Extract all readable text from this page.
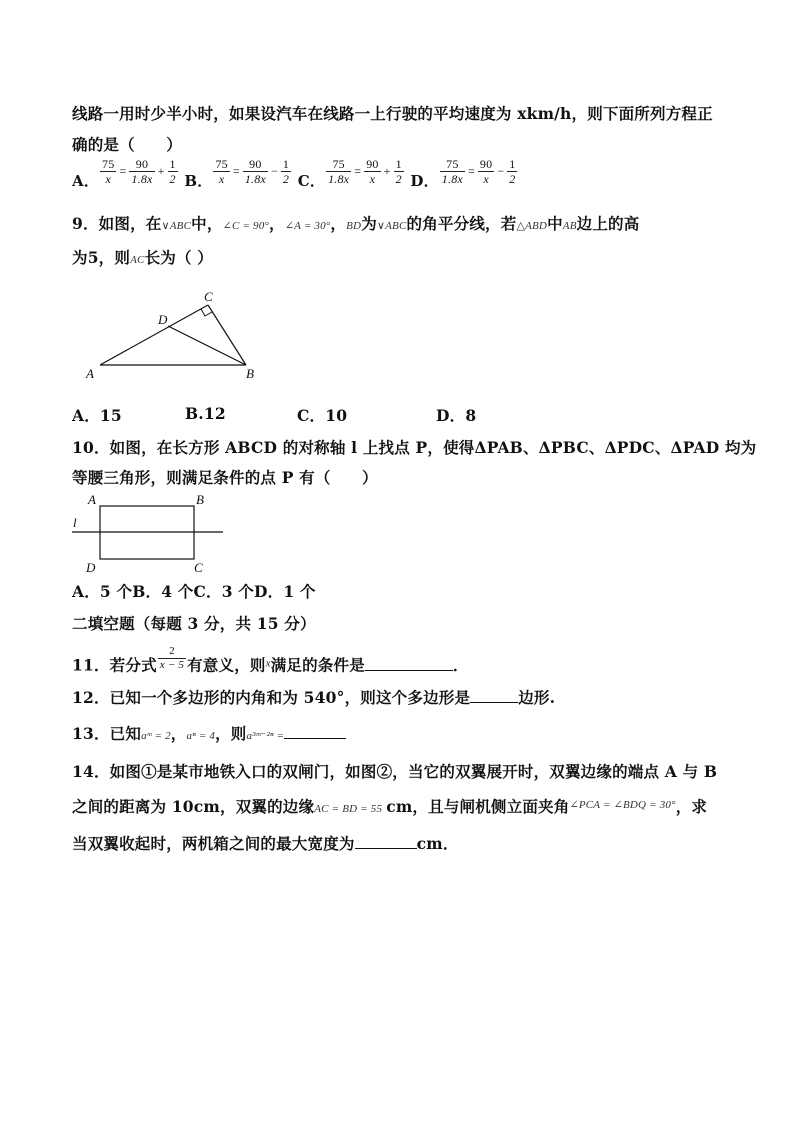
线路一用时少半小时，如果设汽车在线路一上行驶的平均速度为 xkm/h，则下面所列方程正
确的是（　　）
A． $\frac{75}{x} = \frac{90}{1.8x} + \frac{1}{2}$ B． $\frac{75}{x} = \frac{90}{1.8x} - \frac{1}{2}$ C． $\frac{75}{1.8x} = \frac{90}{x} + \frac{1}{2}$ D． $\frac{75}{1.8x} = \frac{90}{x} - \frac{1}{2}$
9．如图，在∨ABC中，∠C = 90°，∠A = 30°，BD为∨ABC的角平分线，若△ABD中AB边上的高
为5，则AC长为（ ）
A	B
C
D
A．15	B.12	C．10	D．8
10．如图，在长方形 ABCD 的对称轴 l 上找点 P，使得ΔPAB、ΔPBC、ΔPDC、ΔPAD 均为
等腰三角形，则满足条件的点 P 有（　　）
A	B
C
D
l
A．5 个B．4 个C．3 个D．1 个
二填空题（每题 3 分，共 15 分）
11．若分式 $\frac{2}{x - 5}$ 有意义，则$_x$满足的条件是	．
12．已知一个多边形的内角和为 540°，则这个多边形是	边形.
13．已知aᵐ = 2，aⁿ = 4，则a³ᵐ⁻²ⁿ =
14．如图①是某市地铁入口的双闸门，如图②，当它的双翼展开时，双翼边缘的端点 A 与 B
之间的距离为 10cm，双翼的边缘AC = BD = 55 cm，且与闸机侧立面夹角$^{\angle PCA = \angle BDQ = 30^\circ}$，求
当双翼收起时，两机箱之间的最大宽度为	cm．
